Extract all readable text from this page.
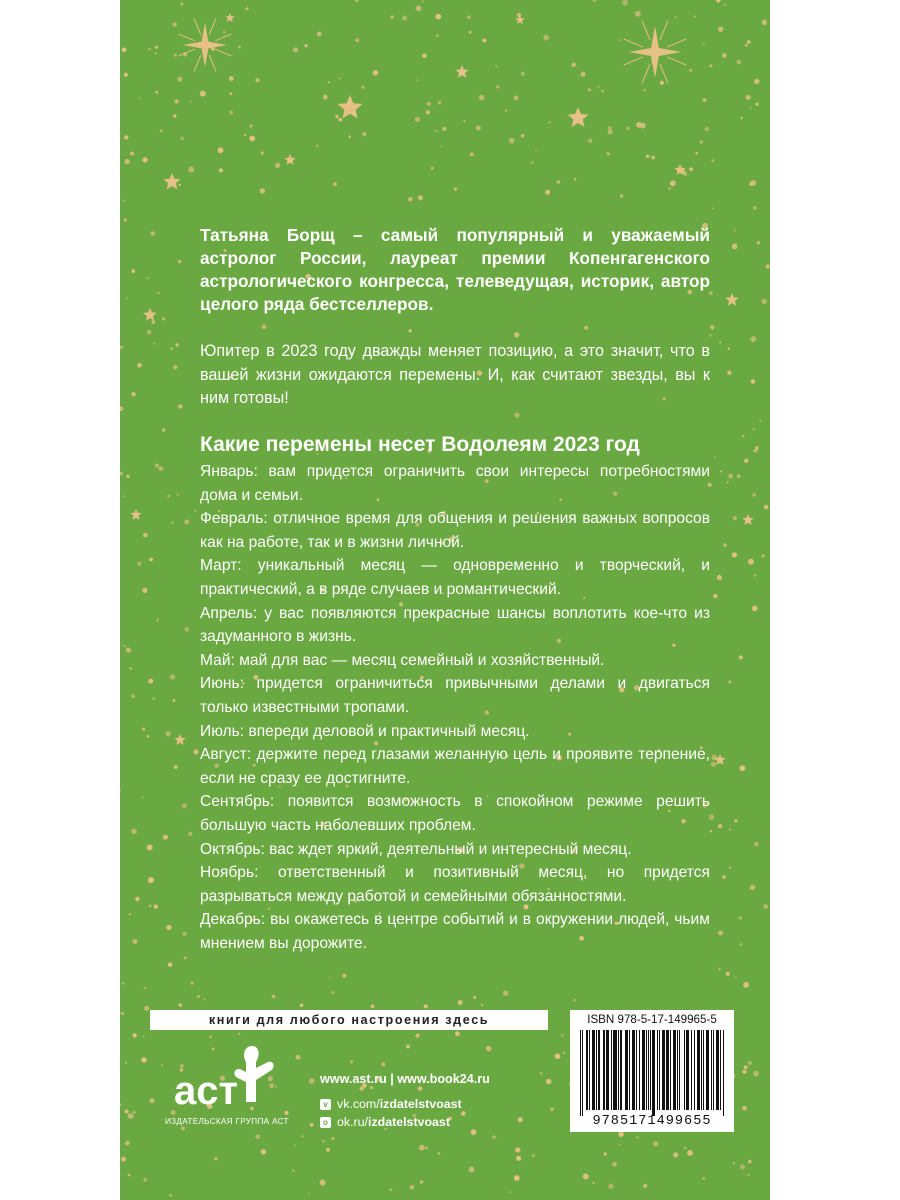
Татьяна Борщ – самый популярный и уважаемый астролог России, лауреат премии Копенгагенского астрологического конгресса, телеведущая, историк, автор целого ряда бестселлеров.

Юпитер в 2023 году дважды меняет позицию, а это значит, что в вашей жизни ожидаются перемены. И, как считают звезды, вы к ним готовы!

Какие перемены несет Водолеям 2023 год
Январь: вам придется ограничить свои интересы потребностями дома и семьи.
Февраль: отличное время для общения и решения важных вопросов как на работе, так и в жизни личной.
Март: уникальный месяц — одновременно и творческий, и практический, а в ряде случаев и романтический.
Апрель: у вас появляются прекрасные шансы воплотить кое-что из задуманного в жизнь.
Май: май для вас — месяц семейный и хозяйственный.
Июнь: придется ограничиться привычными делами и двигаться только известными тропами.
Июль: впереди деловой и практичный месяц.
Август: держите перед глазами желанную цель и проявите терпение, если не сразу ее достигните.
Сентябрь: появится возможность в спокойном режиме решить большую часть наболевших проблем.
Октябрь: вас ждет яркий, деятельный и интересный месяц.
Ноябрь: ответственный и позитивный месяц, но придется разрываться между работой и семейными обязанностями.
Декабрь: вы окажетесь в центре событий и в окружении людей, чьим мнением вы дорожите.
книги для любого настроения здесь
аст
ИЗДАТЕЛЬСКАЯ ГРУППА АСТ
www.ast.ru | www.book24.ru
v vk.com/ izdatelstvoast
o ok.ru/ izdatelstvoast
ISBN 978-5-17-149965-5
9785171499655
